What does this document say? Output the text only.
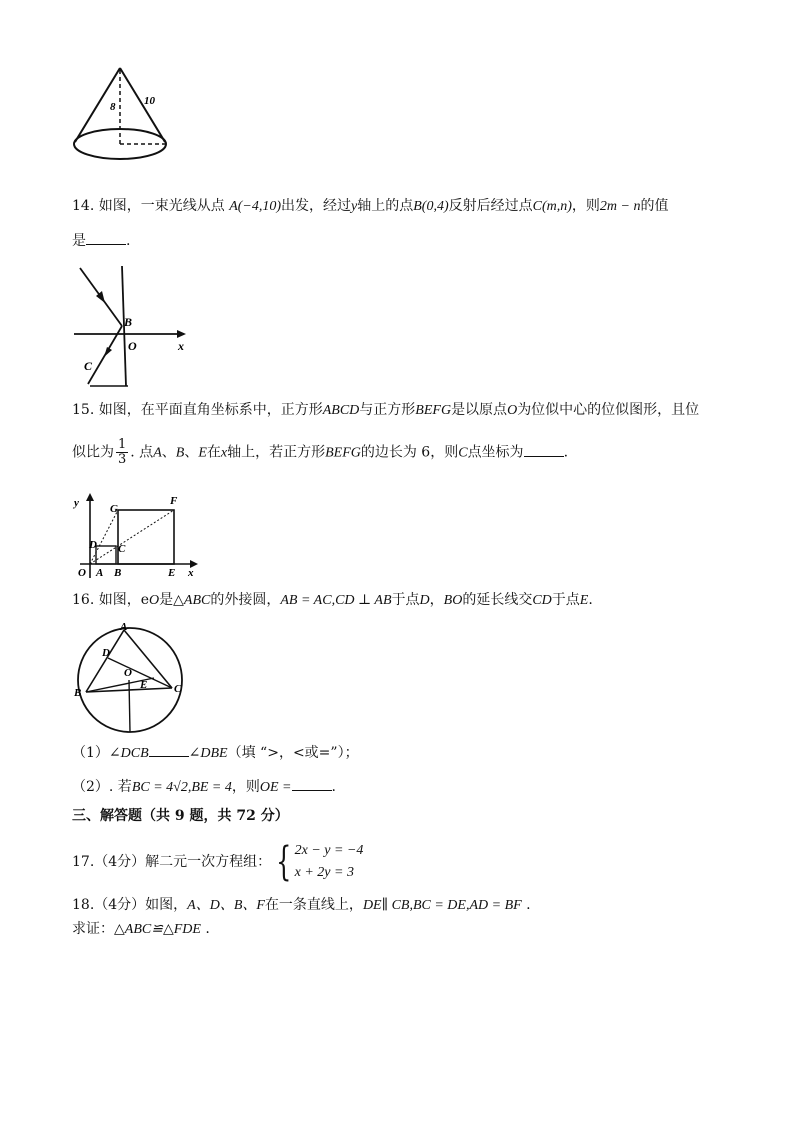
8	10
14. 如图，一束光线从点 A(−4,10)出发，经过y轴上的点B(0,4)反射后经过点C(m,n)，则2m − n的值
是	.
B
O
C
x
15. 如图，在平面直角坐标系中，正方形ABCD与正方形BEFG是以原点O为位似中心的位似图形，且位
似比为 $\frac{1}{3}$ . 点A、B、E在x轴上，若正方形BEFG的边长为 6，则C点坐标为	.
y	G
F
D C
O A B	E x
16. 如图，eO是△ABC的外接圆，AB = AC,CD ⊥ AB于点D，BO的延长线交CD于点E.
A
D
O
E
B	C
（1）∠DCB	∠DBE（填 “>，<或=”）；
（2）. 若BC = 4√2,BE = 4，则OE =	.
三、解答题（共 9 题，共 72 分）
17.（4分）解二元一次方程组： { 2x − y = −4
x + 2y = 3
18.（4分）如图，A、D、B、F在一条直线上，DE∥ CB,BC = DE,AD = BF .
求证：△ABC≌△FDE .
